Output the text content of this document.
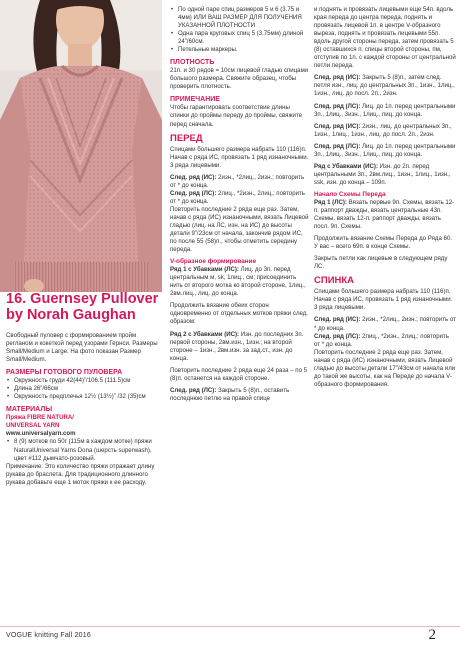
16. Guernsey Pullover by Norah Gaughan
Свободный пуловер с формированием пройм регланом и кокеткой перед узорами Гернси. Размеры Small/Medium и Large. На фото показан Размер Small/Medium.
РАЗМЕРЫ ГОТОВОГО ПУЛОВЕРА
• Окружность груди 42(44)”/106.5 (111.5)см
• Длина 26”/66см
• Окружность предплечья 12½ (13½)” /32 (35)см
МАТЕРИАЛЫ
Пряжа FIBRE NATURA/
UNIVERSAL YARN
www.universalyarn.com
• 8 (9) мотков по 50г (115м в каждом мотке) пряжи NaturalUniversal Yarns Dona (шерсть superwash), цвет #112 дымчато-розовый.
Примечание: Это количество пряжи отражает длину рукава до браслета. Для традиционного длинного рукава добавьте еще 1 моток пряжи к ее расходу.
• По одной паре спиц размеров 5 и 6 (3.75 и 4мм) ИЛИ ВАШ РАЗМЕР ДЛЯ ПОЛУЧЕНИЯ УКАЗАННОЙ ПЛОТНОСТИ
• Одна пара круговых спиц 5 (3.75мм) длиной 24”/60см.
• Петельные маркеры.
ПЛОТНОСТЬ
21п. и 30 рядов = 10см лицевой гладью спицами большого размера. Свяжите образец, чтобы проверить плотность.
ПРИМЕЧАНИЕ
Чтобы гарантировать соответствие длины спинки до проймы переду до проймы, свяжите перед сначала.
ПЕРЕД
Спицами большего размера набрать 110 (116)п. Начав с ряда ИС, провязать 1 ряд изнаночными. 3 ряда лицевыми.
След. ряд (ИС): 2изн., *2лиц., 2изн.; повторить от * до конца.
След. ряд (ЛС): 2лиц., *2изн., 2лиц.; повторить от * до конца.
Повторить последние 2 ряда еще раз. Затем, начав с ряда (ИС) изнаночными, вязать Лицевой гладью (лиц. на ЛС, изн. на ИС) до высоты детали 9”/23см от начала, закончив рядом ИС, по после 55 (58)п., чтобы отметить середину переда.
V-образное формирование
Ряд 1 с Убавками (ЛС): Лиц. до 3п. перед центральным м, sk, 1лиц., см; присоединить нить от второго мотка ко второй стороне, 1лиц., 2вм.лиц., лиц. до конца.
Продолжить вязание обеих сторон одновременно от отдельных мотков пряжи след. образом:
Ряд 2 с Убавками (ИС): Изн. до последних 3п. первой стороны, 2вм.изн., 1изн.; на второй стороне – 1изн., 2вм.изн. за зад.ст., изн. до конца.
Повторить последние 2 ряда еще 24 раза – по 5 (8)п. останется на каждой стороне.
След. ряд (ЛС): Закрыть 5 (8)п., оставить последнюю петлю на правой спице
и поднять и провязать лицевыми еще 54п. вдоль края переда до центра переда, поднять и провязать лицевой 1п. в центре V-образного выреза, поднять и провязать лицевыми 55п. вдоль другой стороны переда, затем провязать 5 (8) оставшихся п. спицы второй стороны, пм, отступив по 1п. с каждой стороны от центральной петли переда.
След. ряд (ИС): Закрыть 5 (8)п., затем след. петля изн., лиц. до центральных 3п., 1изн., 1лиц., 1изн., лиц. до посл. 2п., 2изн.
След. ряд (ЛС): Лиц. до 1п. перед центральными 3п., 1лиц., 3изн., 1лиц., лиц. до конца.
След. ряд (ИС): 2изн., лиц. до центральных 3п., 1изн., 1лиц., 1изн., лиц. до посл. 2п., 2изн.
След. ряд (ЛС): Лиц. до 1п. перед центральными 3п., 1лиц., 3изн., 1лиц., лиц. до конца.
Ряд с Убавками (ИС): Изн. до 2п. перед центральными 3п., 2вм.лиц., 1изн., 1лиц., 1изн., ssk, изн. до конца – 109п.
Начало Схемы Переда
Ряд 1 (ЛС): Вязать первые 9п. Схемы, вязать 12-п. раппорт дважды, вязать центральные 43п. Схемы, вязать 12-п. раппорт дважды, вязать посл. 9п. Схемы.
Продолжить вязание Схемы Переда до Ряда 60. У вас – всего 69п. в конце Схемы.
Закрыть петли как лицевые в следующем ряду ЛС.
СПИНКА
Спицами большего размера набрать 110 (116)п. Начав с ряда ИС, провязать 1 ряд изнаночными. 3 ряда лицевыми.
След. ряд (ИС): 2изн., *2лиц., 2изн.; повторить от * до конца.
След. ряд (ЛС): 2лиц., *2изн., 2лиц.; повторить от * до конца.
Повторить последние 2 ряда еще раз. Затем, начав с ряда (ИС) изнаночными, вязать Лицевой гладью до высоты детали 17”/43см от начала или до такой же высоты, как на Переде до начала V-образного формирования.
VOGUE knitting Fall 2016	2
